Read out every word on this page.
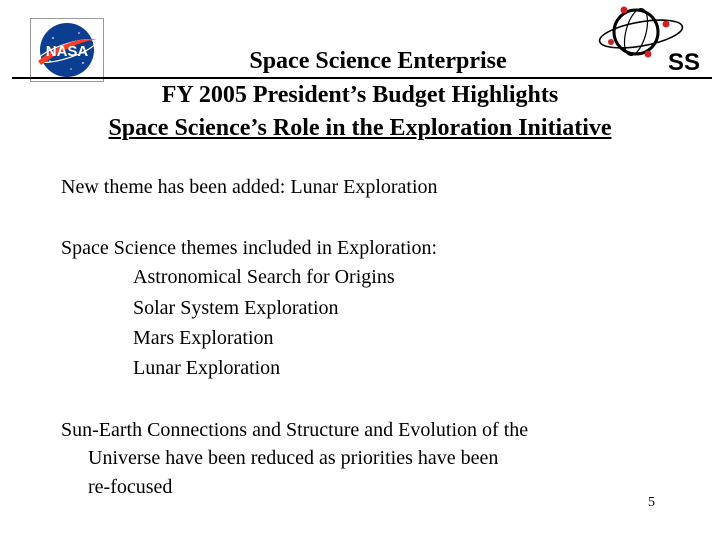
NASA	SS
Space Science Enterprise
FY 2005 President’s Budget Highlights
Space Science’s Role in the Exploration Initiative
New theme has been added: Lunar Exploration
Space Science themes included in Exploration:
Astronomical Search for Origins
Solar System Exploration
Mars Exploration
Lunar Exploration
Sun-Earth Connections and Structure and Evolution of the
Universe have been reduced as priorities have been
re-focused
5
